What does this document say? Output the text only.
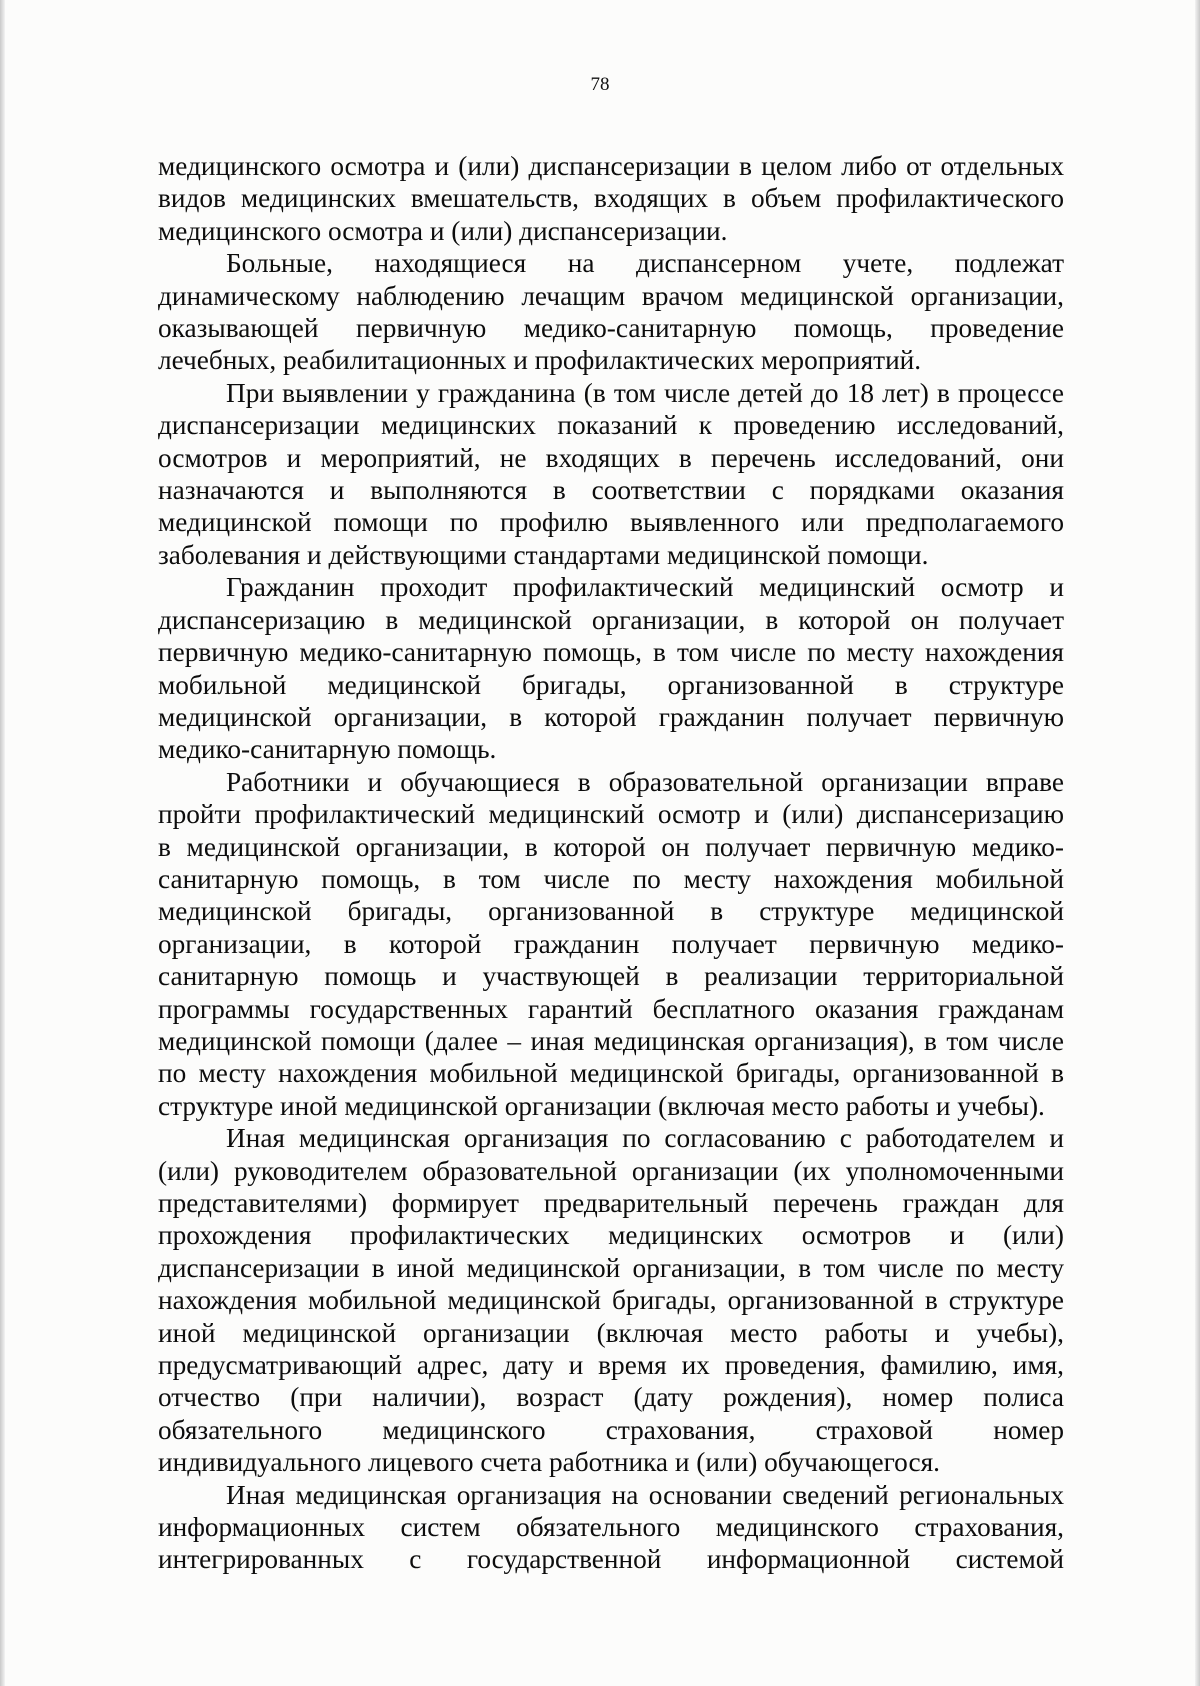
78

медицинского осмотра и (или) диспансеризации в целом либо от отдельных
видов медицинских вмешательств, входящих в объем профилактического
медицинского осмотра и (или) диспансеризации.

Больные, находящиеся на диспансерном учете, подлежат
динамическому наблюдению лечащим врачом медицинской организации,
оказывающей первичную медико-санитарную помощь, проведение
лечебных, реабилитационных и профилактических мероприятий.

При выявлении у гражданина (в том числе детей до 18 лет) в процессе
диспансеризации медицинских показаний к проведению исследований,
осмотров и мероприятий, не входящих в перечень исследований, они
назначаются и выполняются в соответствии с порядками оказания
медицинской помощи по профилю выявленного или предполагаемого
заболевания и действующими стандартами медицинской помощи.

Гражданин проходит профилактический медицинский осмотр и
диспансеризацию в медицинской организации, в которой он получает
первичную медико-санитарную помощь, в том числе по месту нахождения
мобильной медицинской бригады, организованной в структуре
медицинской организации, в которой гражданин получает первичную
медико-санитарную помощь.

Работники и обучающиеся в образовательной организации вправе
пройти профилактический медицинский осмотр и (или) диспансеризацию
в медицинской организации, в которой он получает первичную медико-
санитарную помощь, в том числе по месту нахождения мобильной
медицинской бригады, организованной в структуре медицинской
организации, в которой гражданин получает первичную медико-
санитарную помощь и участвующей в реализации территориальной
программы государственных гарантий бесплатного оказания гражданам
медицинской помощи (далее – иная медицинская организация), в том числе
по месту нахождения мобильной медицинской бригады, организованной в
структуре иной медицинской организации (включая место работы и учебы).

Иная медицинская организация по согласованию с работодателем и
(или) руководителем образовательной организации (их уполномоченными
представителями) формирует предварительный перечень граждан для
прохождения профилактических медицинских осмотров и (или)
диспансеризации в иной медицинской организации, в том числе по месту
нахождения мобильной медицинской бригады, организованной в структуре
иной медицинской организации (включая место работы и учебы),
предусматривающий адрес, дату и время их проведения, фамилию, имя,
отчество (при наличии), возраст (дату рождения), номер полиса
обязательного медицинского страхования, страховой номер
индивидуального лицевого счета работника и (или) обучающегося.

Иная медицинская организация на основании сведений региональных
информационных систем обязательного медицинского страхования,
интегрированных с государственной информационной системой
